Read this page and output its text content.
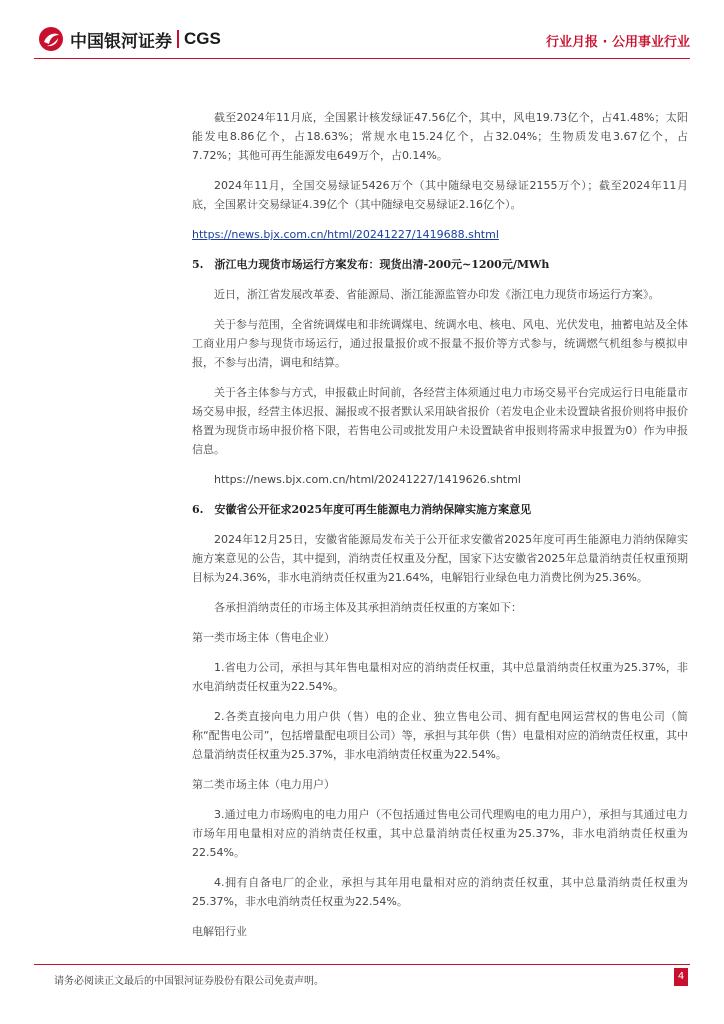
中国银河证券 CGS	行业月报 · 公用事业行业

截至2024年11月底，全国累计核发绿证47.56亿个，其中，风电19.73亿个，占41.48%；太阳能发电8.86亿个，占18.63%；常规水电15.24亿个，占32.04%；生物质发电3.67亿个，占7.72%；其他可再生能源发电649万个，占0.14%。

2024年11月，全国交易绿证5426万个（其中随绿电交易绿证2155万个）；截至2024年11月底，全国累计交易绿证4.39亿个（其中随绿电交易绿证2.16亿个）。

https://news.bjx.com.cn/html/20241227/1419688.shtml

5.　浙江电力现货市场运行方案发布：现货出清-200元~1200元/MWh

近日，浙江省发展改革委、省能源局、浙江能源监管办印发《浙江电力现货市场运行方案》。

关于参与范围，全省统调煤电和非统调煤电、统调水电、核电、风电、光伏发电，抽蓄电站及全体工商业用户参与现货市场运行，通过报量报价或不报量不报价等方式参与，统调燃气机组参与模拟申报，不参与出清，调电和结算。

关于各主体参与方式，申报截止时间前，各经营主体须通过电力市场交易平台完成运行日电能量市场交易申报，经营主体迟报、漏报或不报者默认采用缺省报价（若发电企业未设置缺省报价则将申报价格置为现货市场申报价格下限，若售电公司或批发用户未设置缺省申报则将需求申报置为0）作为申报信息。

https://news.bjx.com.cn/html/20241227/1419626.shtml

6.　安徽省公开征求2025年度可再生能源电力消纳保障实施方案意见

2024年12月25日，安徽省能源局发布关于公开征求安徽省2025年度可再生能源电力消纳保障实施方案意见的公告，其中提到，消纳责任权重及分配，国家下达安徽省2025年总量消纳责任权重预期目标为24.36%，非水电消纳责任权重为21.64%，电解铝行业绿色电力消费比例为25.36%。

各承担消纳责任的市场主体及其承担消纳责任权重的方案如下：

第一类市场主体（售电企业）

1.省电力公司，承担与其年售电量相对应的消纳责任权重，其中总量消纳责任权重为25.37%，非水电消纳责任权重为22.54%。

2.各类直接向电力用户供（售）电的企业、独立售电公司、拥有配电网运营权的售电公司（简称“配售电公司”，包括增量配电项目公司）等，承担与其年供（售）电量相对应的消纳责任权重，其中总量消纳责任权重为25.37%，非水电消纳责任权重为22.54%。

第二类市场主体（电力用户）

3.通过电力市场购电的电力用户（不包括通过售电公司代理购电的电力用户），承担与其通过电力市场年用电量相对应的消纳责任权重，其中总量消纳责任权重为25.37%，非水电消纳责任权重为22.54%。

4.拥有自备电厂的企业，承担与其年用电量相对应的消纳责任权重，其中总量消纳责任权重为25.37%，非水电消纳责任权重为22.54%。

电解铝行业

请务必阅读正文最后的中国银河证券股份有限公司免责声明。	4
